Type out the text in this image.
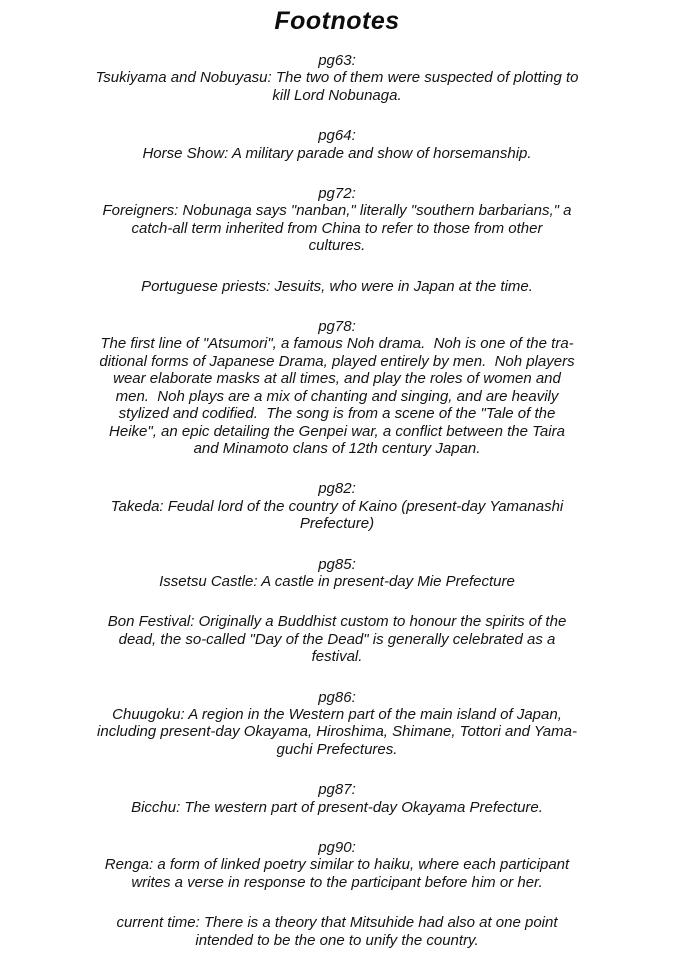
Footnotes
pg63:
Tsukiyama and Nobuyasu: The two of them were suspected of plotting to
kill Lord Nobunaga.
pg64:
Horse Show: A military parade and show of horsemanship.
pg72:
Foreigners: Nobunaga says "nanban," literally "southern barbarians," a
catch-all term inherited from China to refer to those from other
cultures.
Portuguese priests: Jesuits, who were in Japan at the time.
pg78:
The first line of "Atsumori", a famous Noh drama.  Noh is one of the tra-
ditional forms of Japanese Drama, played entirely by men.  Noh players
wear elaborate masks at all times, and play the roles of women and
men.  Noh plays are a mix of chanting and singing, and are heavily
stylized and codified.  The song is from a scene of the "Tale of the
Heike", an epic detailing the Genpei war, a conflict between the Taira
and Minamoto clans of 12th century Japan.
pg82:
Takeda: Feudal lord of the country of Kaino (present-day Yamanashi
Prefecture)
pg85:
Issetsu Castle: A castle in present-day Mie Prefecture
Bon Festival: Originally a Buddhist custom to honour the spirits of the
dead, the so-called "Day of the Dead" is generally celebrated as a
festival.
pg86:
Chuugoku: A region in the Western part of the main island of Japan,
including present-day Okayama, Hiroshima, Shimane, Tottori and Yama-
guchi Prefectures.
pg87:
Bicchu: The western part of present-day Okayama Prefecture.
pg90:
Renga: a form of linked poetry similar to haiku, where each participant
writes a verse in response to the participant before him or her.
current time: There is a theory that Mitsuhide had also at one point
intended to be the one to unify the country.
